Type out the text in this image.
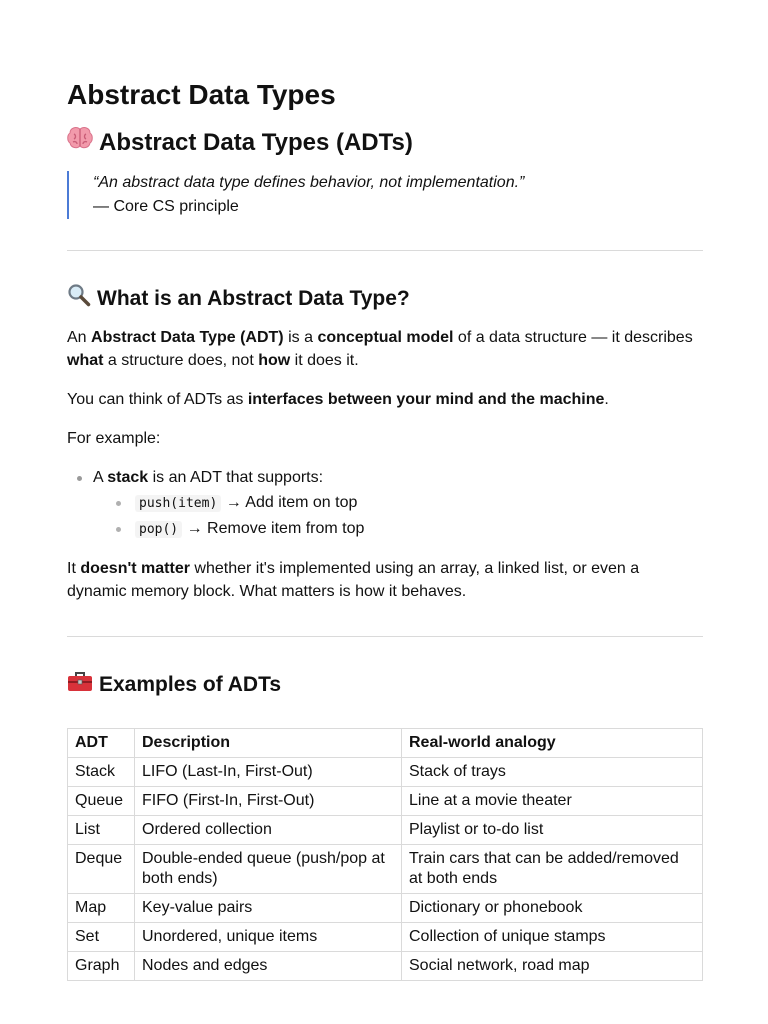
Abstract Data Types
Abstract Data Types (ADTs)
“An abstract data type defines behavior, not implementation.”
— Core CS principle
What is an Abstract Data Type?

An Abstract Data Type (ADT) is a conceptual model of a data structure — it describes what a structure does, not how it does it.

You can think of ADTs as interfaces between your mind and the machine.

For example:

A stack is an ADT that supports:
push(item) → Add item on top
pop() → Remove item from top

It doesn't matter whether it's implemented using an array, a linked list, or even a dynamic memory block. What matters is how it behaves.

Examples of ADTs
ADT	Description	Real-world analogy
Stack	LIFO (Last-In, First-Out)	Stack of trays
Queue	FIFO (First-In, First-Out)	Line at a movie theater
List	Ordered collection	Playlist or to-do list
Deque	Double-ended queue (push/pop at both ends)	Train cars that can be added/removed at both ends
Map	Key-value pairs	Dictionary or phonebook
Set	Unordered, unique items	Collection of unique stamps
Graph	Nodes and edges	Social network, road map
